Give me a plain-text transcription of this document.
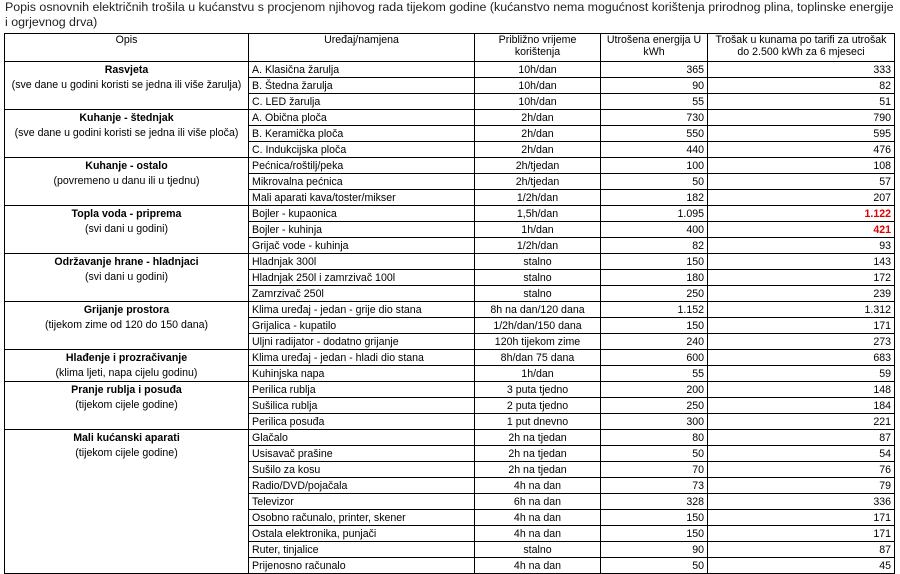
Popis osnovnih električnih trošila u kućanstvu s procjenom njihovog rada tijekom godine (kućanstvo nema mogućnost korištenja prirodnog plina, toplinske energije i ogrjevnog drva)
Opis	Uređaj/namjena	Približno vrijeme korištenja	Utrošena energija U kWh	Trošak u kunama po tarifi za utrošak do 2.500 kWh za 6 mjeseci
Rasvjeta
(sve dane u godini koristi se jedna ili više žarulja)	A. Klasična žarulja	10h/dan	365	333
	B. Štedna žarulja	10h/dan	90	82
	C. LED žarulja	10h/dan	55	51
Kuhanje - štednjak
(sve dane u godini koristi se jedna ili više ploča)	A. Obična ploča	2h/dan	730	790
	B. Keramička ploča	2h/dan	550	595
	C. Indukcijska ploča	2h/dan	440	476
Kuhanje - ostalo
(povremeno u danu ili u tjednu)	Pećnica/roštilj/peka	2h/tjedan	100	108
	Mikrovalna pećnica	2h/tjedan	50	57
	Mali aparati kava/toster/mikser	1/2h/dan	182	207
Topla voda - priprema
(svi dani u godini)	Bojler - kupaonica	1,5h/dan	1.095	1.122
	Bojler - kuhinja	1h/dan	400	421
	Grijač vode - kuhinja	1/2h/dan	82	93
Održavanje hrane - hladnjaci
(svi dani u godini)	Hladnjak 300l	stalno	150	143
	Hladnjak 250l i zamrzivač 100l	stalno	180	172
	Zamrzivač 250l	stalno	250	239
Grijanje prostora
(tijekom zime od 120 do 150 dana)	Klima uređaj - jedan - grije dio stana	8h na dan/120 dana	1.152	1.312
	Grijalica - kupatilo	1/2h/dan/150 dana	150	171
	Uljni radijator - dodatno grijanje	120h tijekom zime	240	273
Hlađenje i prozračivanje
(klima ljeti, napa cijelu godinu)	Klima uređaj - jedan - hladi dio stana	8h/dan 75 dana	600	683
	Kuhinjska napa	1h/dan	55	59
Pranje rublja i posuđa
(tijekom cijele godine)	Perilica rublja	3 puta tjedno	200	148
	Sušilica rublja	2 puta tjedno	250	184
	Perilica posuđa	1 put dnevno	300	221
Mali kućanski aparati
(tijekom cijele godine)	Glačalo	2h na tjedan	80	87
	Usisavač prašine	2h na tjedan	50	54
	Sušilo za kosu	2h na tjedan	70	76
	Radio/DVD/pojačala	4h na dan	73	79
	Televizor	6h na dan	328	336
	Osobno računalo, printer, skener	4h na dan	150	171
	Ostala elektronika, punjači	4h na dan	150	171
	Ruter, tinjalice	stalno	90	87
	Prijenosno računalo	4h na dan	50	45
